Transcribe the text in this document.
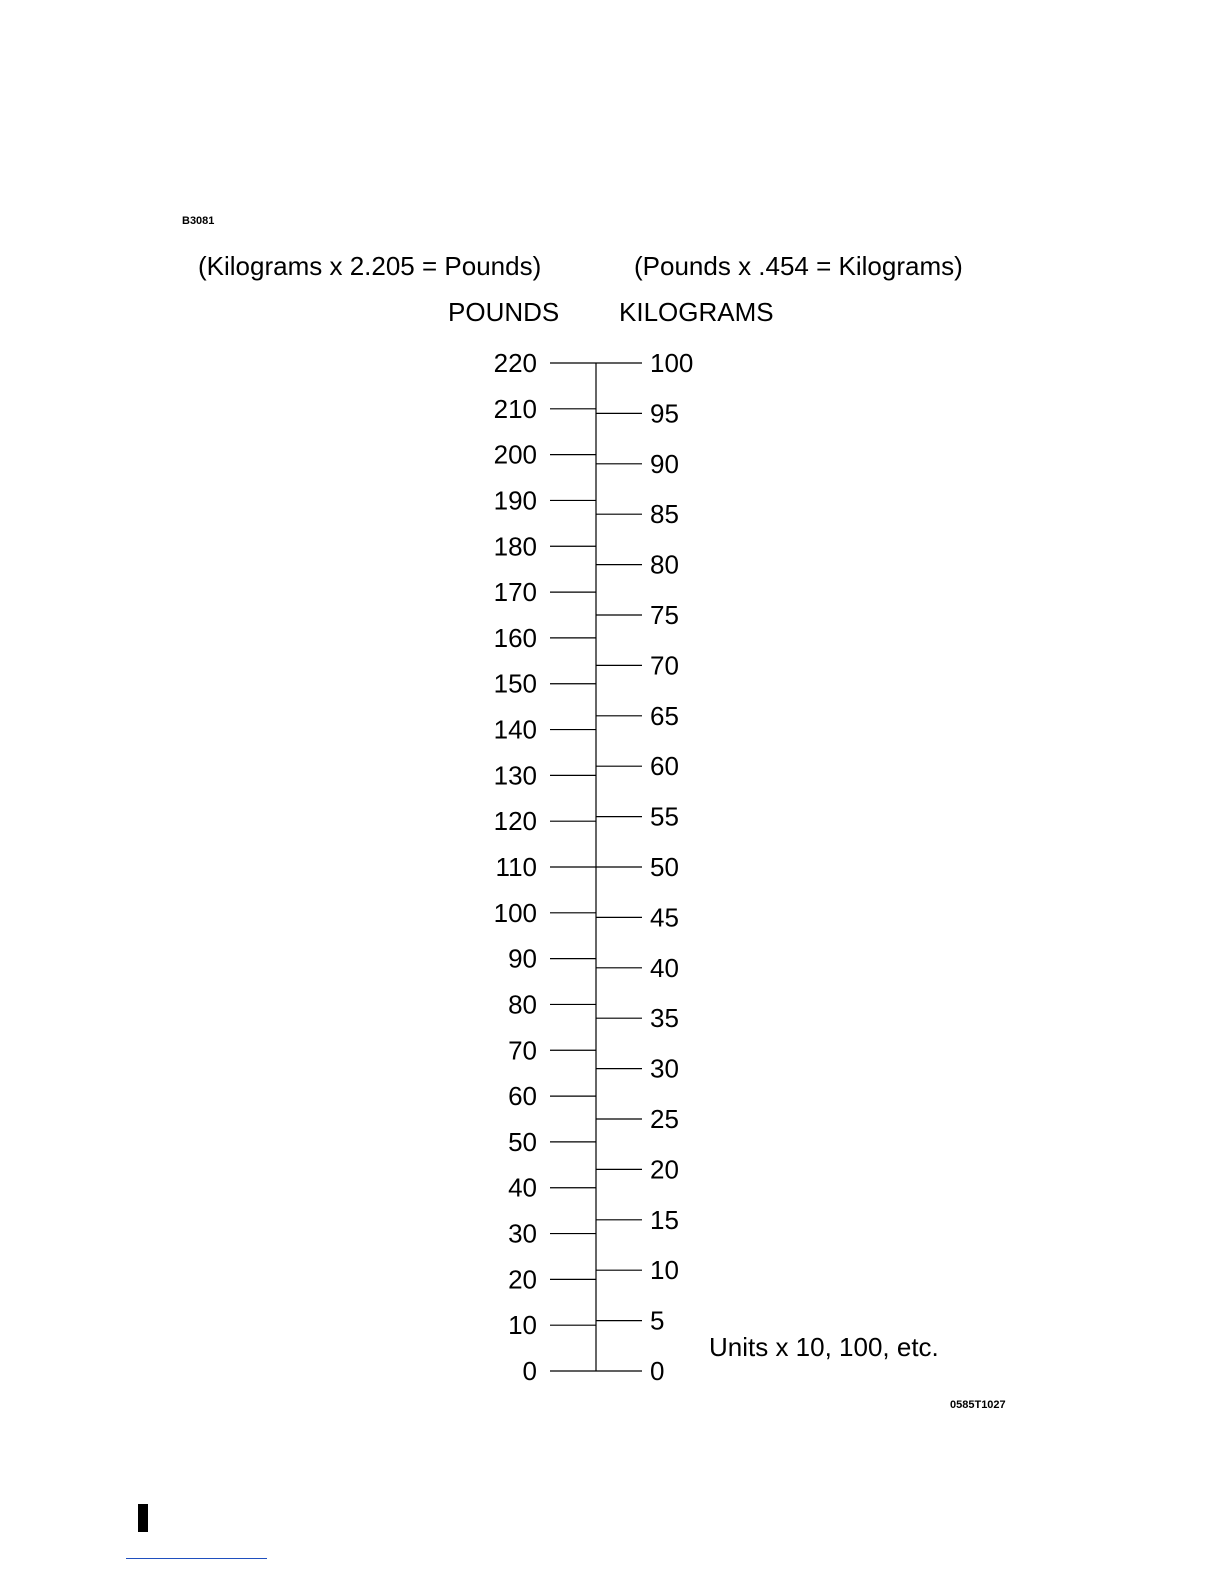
B3081
(Kilograms x 2.205 = Pounds)	(Pounds x .454 = Kilograms)
POUNDS KILOGRAMS
220
210
200
190
180
170
160
150
140
130
120
110
100
90
80
70
60
50
40
30
20
10
0
100
95
90
85
80
75
70
65
60
55
50
45
40
35
30
25
20
15
10
5
0
Units x 10, 100, etc.
0585T1027
